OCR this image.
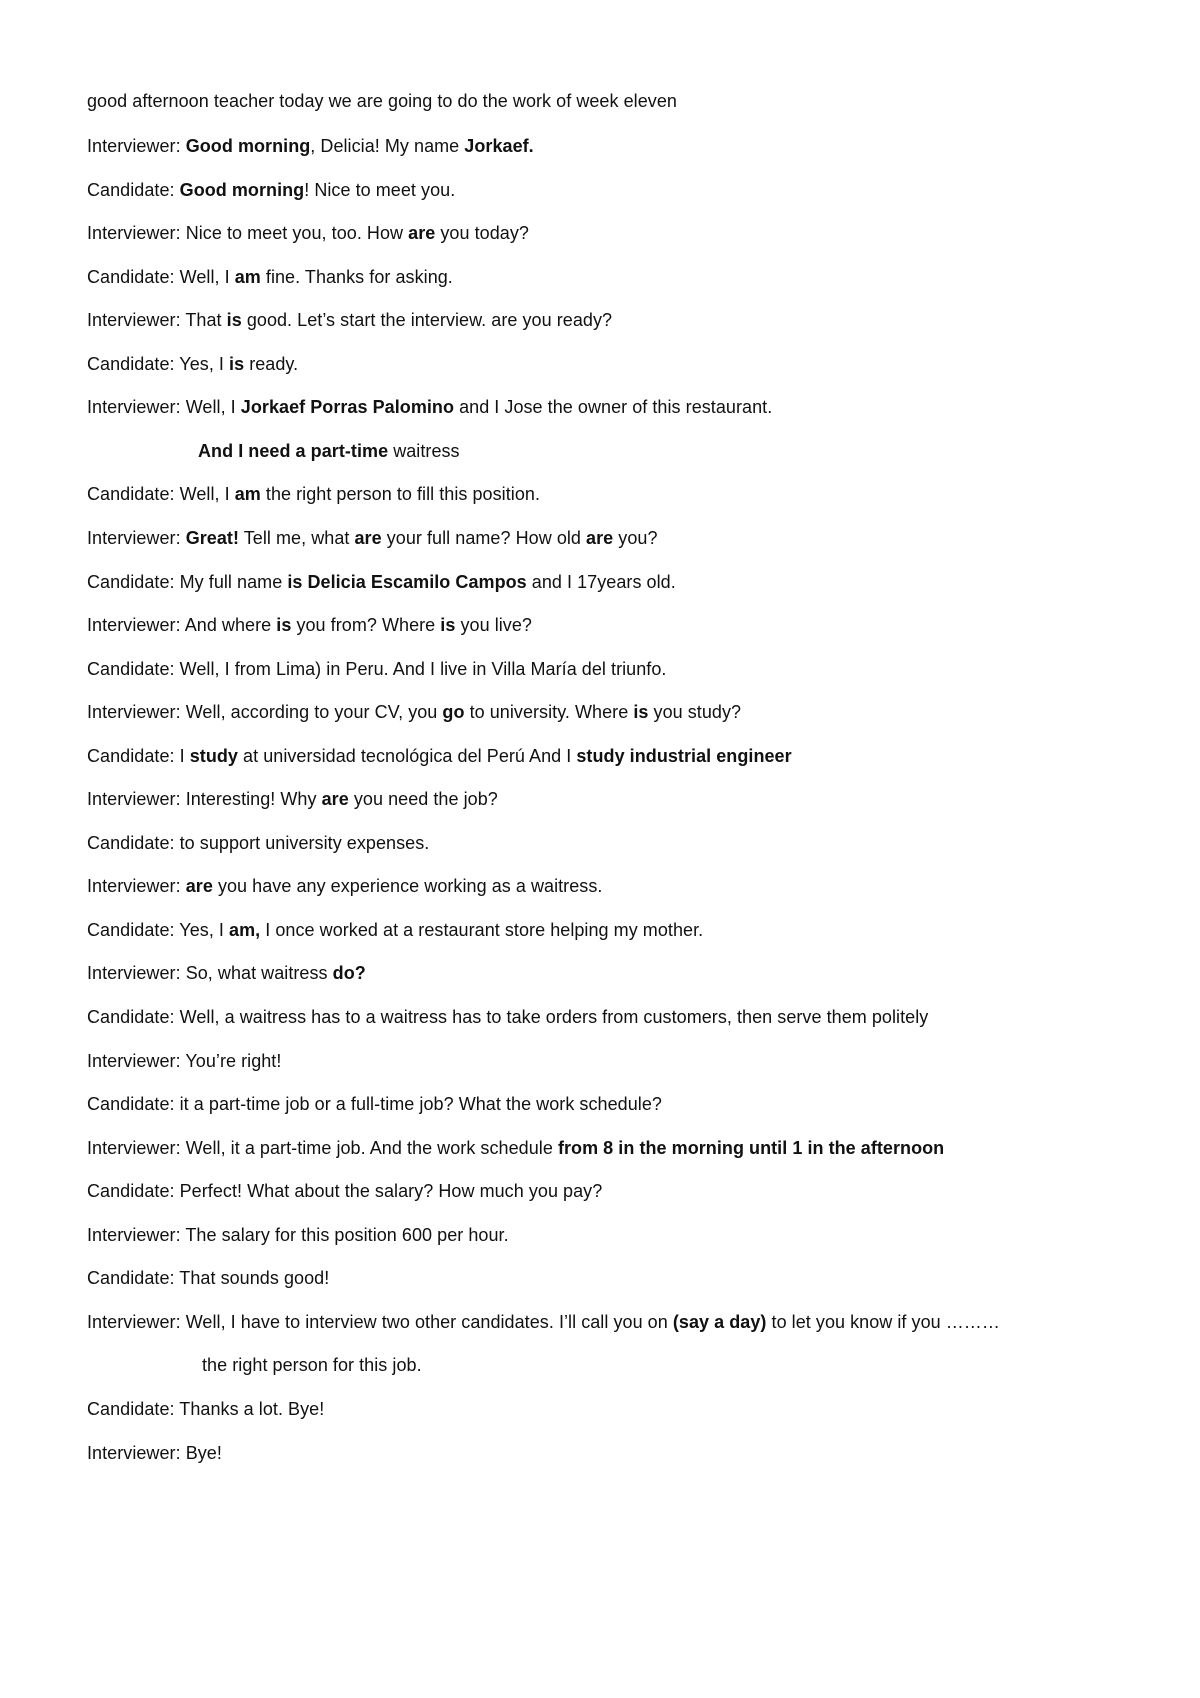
good afternoon teacher today we are going to do the work of week eleven
Interviewer: Good morning, Delicia! My name Jorkaef.
Candidate: Good morning! Nice to meet you.
Interviewer: Nice to meet you, too. How are you today?
Candidate: Well, I am fine. Thanks for asking.
Interviewer: That is good. Let’s start the interview. are you ready?
Candidate: Yes, I is ready.
Interviewer: Well, I Jorkaef Porras Palomino and I Jose the owner of this restaurant.
And I need a part-time waitress
Candidate: Well, I am the right person to fill this position.
Interviewer: Great! Tell me, what are your full name? How old are you?
Candidate: My full name is Delicia Escamilo Campos and I 17years old.
Interviewer: And where is you from? Where is you live?
Candidate: Well, I from Lima) in Peru. And I live in Villa María del triunfo.
Interviewer: Well, according to your CV, you go to university. Where is you study?
Candidate: I study at universidad tecnológica del Perú And I study industrial engineer
Interviewer: Interesting! Why are you need the job?
Candidate: to support university expenses.
Interviewer: are you have any experience working as a waitress.
Candidate: Yes, I am, I once worked at a restaurant store helping my mother.
Interviewer: So, what waitress do?
Candidate: Well, a waitress has to a waitress has to take orders from customers, then serve them politely
Interviewer: You’re right!
Candidate: it a part-time job or a full-time job? What the work schedule?
Interviewer: Well, it a part-time job. And the work schedule from 8 in the morning until 1 in the afternoon
Candidate: Perfect! What about the salary? How much you pay?
Interviewer: The salary for this position 600 per hour.
Candidate: That sounds good!
Interviewer: Well, I have to interview two other candidates. I’ll call you on (say a day) to let you know if you ………
the right person for this job.
Candidate: Thanks a lot. Bye!
Interviewer: Bye!
